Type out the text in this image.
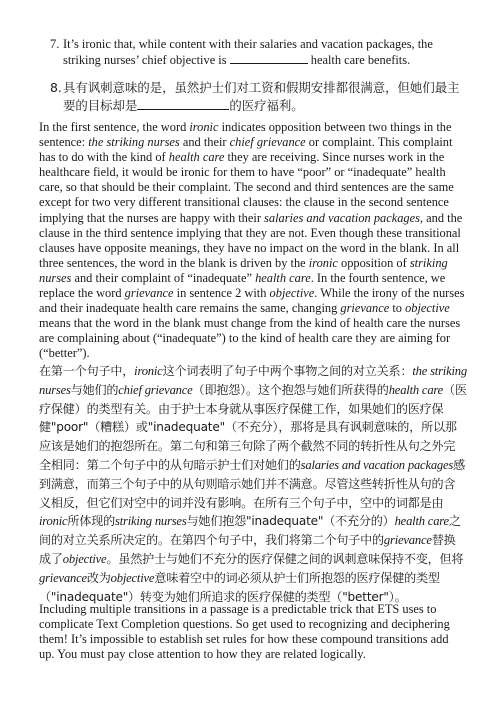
7. It’s ironic that, while content with their salaries and vacation packages, the striking nurses’ chief objective is	health care benefits.

8. 具有讽刺意味的是，虽然护士们对工资和假期安排都很满意，但她们最主要的目标却是	的医疗福利。

In the first sentence, the word ironic indicates opposition between two things in the sentence: the striking nurses and their chief grievance or complaint. This complaint has to do with the kind of health care they are receiving. Since nurses work in the healthcare field, it would be ironic for them to have “poor” or “inadequate” health care, so that should be their complaint. The second and third sentences are the same except for two very different transitional clauses: the clause in the second sentence implying that the nurses are happy with their salaries and vacation packages, and the clause in the third sentence implying that they are not. Even though these transitional clauses have opposite meanings, they have no impact on the word in the blank. In all three sentences, the word in the blank is driven by the ironic opposition of striking nurses and their complaint of “inadequate” health care. In the fourth sentence, we replace the word grievance in sentence 2 with objective. While the irony of the nurses and their inadequate health care remains the same, changing grievance to objective means that the word in the blank must change from the kind of health care the nurses are complaining about (“inadequate”) to the kind of health care they are aiming for (“better”).

在第一个句子中，ironic这个词表明了句子中两个事物之间的对立关系：the striking nurses与她们的chief grievance（即抱怨）。这个抱怨与她们所获得的health care（医疗保健）的类型有关。由于护士本身就从事医疗保健工作，如果她们的医疗保健"poor"（糟糕）或"inadequate"（不充分），那将是具有讽刺意味的，所以那应该是她们的抱怨所在。第二句和第三句除了两个截然不同的转折性从句之外完全相同：第二个句子中的从句暗示护士们对她们的salaries and vacation packages感到满意，而第三个句子中的从句则暗示她们并不满意。尽管这些转折性从句的含义相反，但它们对空中的词并没有影响。在所有三个句子中，空中的词都是由ironic所体现的striking nurses与她们抱怨"inadequate"（不充分的）health care之间的对立关系所决定的。在第四个句子中，我们将第二个句子中的grievance替换成了objective。虽然护士与她们不充分的医疗保健之间的讽刺意味保持不变，但将grievance改为objective意味着空中的词必须从护士们所抱怨的医疗保健的类型（"inadequate"）转变为她们所追求的医疗保健的类型（"better"）。

Including multiple transitions in a passage is a predictable trick that ETS uses to complicate Text Completion questions. So get used to recognizing and deciphering them! It’s impossible to establish set rules for how these compound transitions add up. You must pay close attention to how they are related logically.
